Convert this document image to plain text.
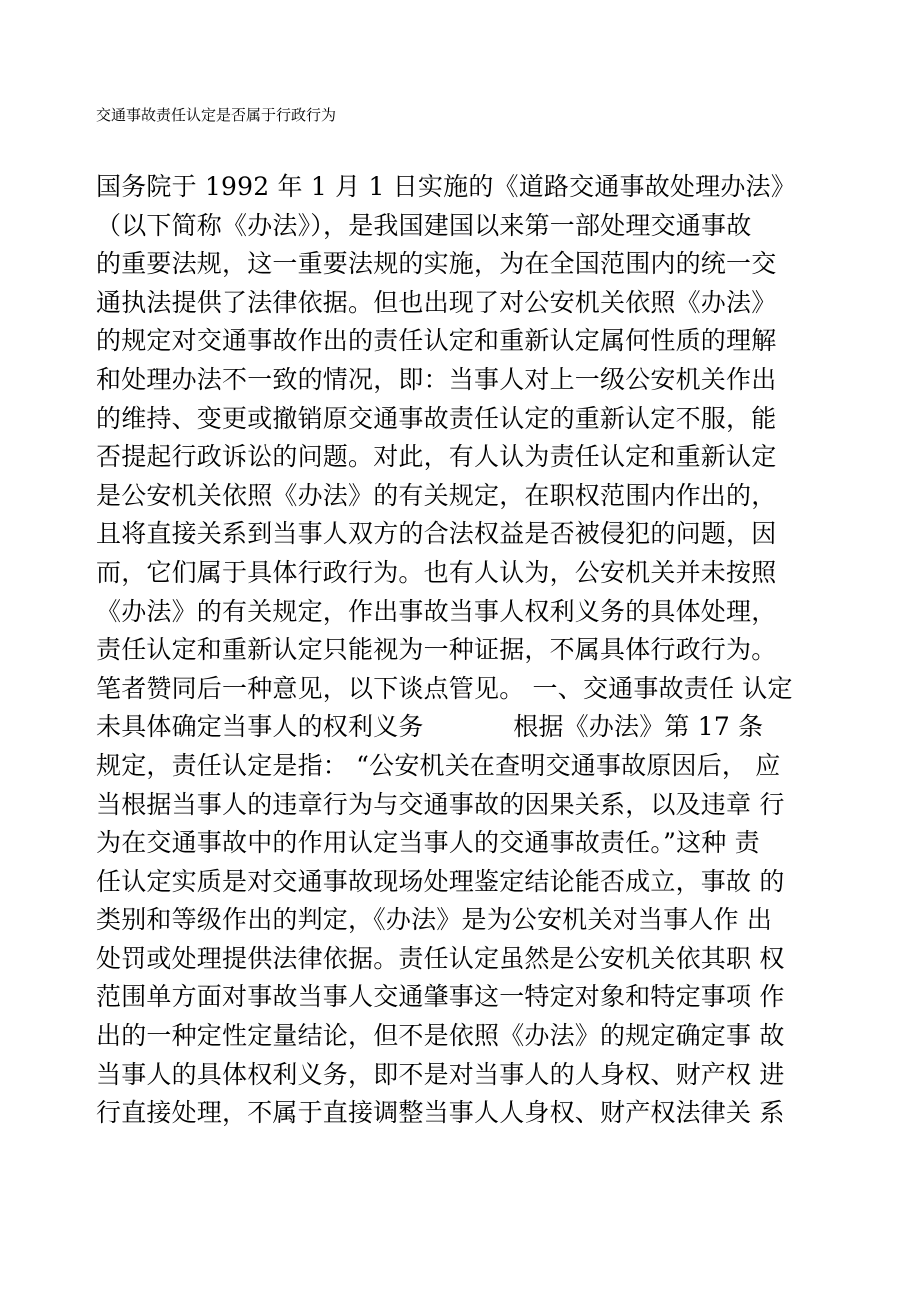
交通事故责任认定是否属于行政行为
国务院于 1992 年 1 月 1 日实施的《道路交通事故处理办法》
（以下简称《办法》），是我国建国以来第一部处理交通事故
的重要法规，这一重要法规的实施，为在全国范围内的统一交
通执法提供了法律依据。但也出现了对公安机关依照《办法》
的规定对交通事故作出的责任认定和重新认定属何性质的理解
和处理办法不一致的情况，即：当事人对上一级公安机关作出
的维持、变更或撤销原交通事故责任认定的重新认定不服，能
否提起行政诉讼的问题。对此，有人认为责任认定和重新认定
是公安机关依照《办法》的有关规定，在职权范围内作出的，
且将直接关系到当事人双方的合法权益是否被侵犯的问题，因
而，它们属于具体行政行为。也有人认为，公安机关并未按照
《办法》的有关规定，作出事故当事人权利义务的具体处理，
责任认定和重新认定只能视为一种证据，不属具体行政行为。
笔者赞同后一种意见，以下谈点管见。 一、交通事故责任 认定
未具体确定当事人的权利义务           根据《办法》第 17 条
规定，责任认定是指： “公安机关在查明交通事故原因后， 应
当根据当事人的违章行为与交通事故的因果关系，以及违章 行
为在交通事故中的作用认定当事人的交通事故责任。”这种 责
任认定实质是对交通事故现场处理鉴定结论能否成立，事故 的
类别和等级作出的判定，《办法》是为公安机关对当事人作 出
处罚或处理提供法律依据。责任认定虽然是公安机关依其职 权
范围单方面对事故当事人交通肇事这一特定对象和特定事项 作
出的一种定性定量结论，但不是依照《办法》的规定确定事 故
当事人的具体权利义务，即不是对当事人的人身权、财产权 进
行直接处理，不属于直接调整当事人人身权、财产权法律关 系
